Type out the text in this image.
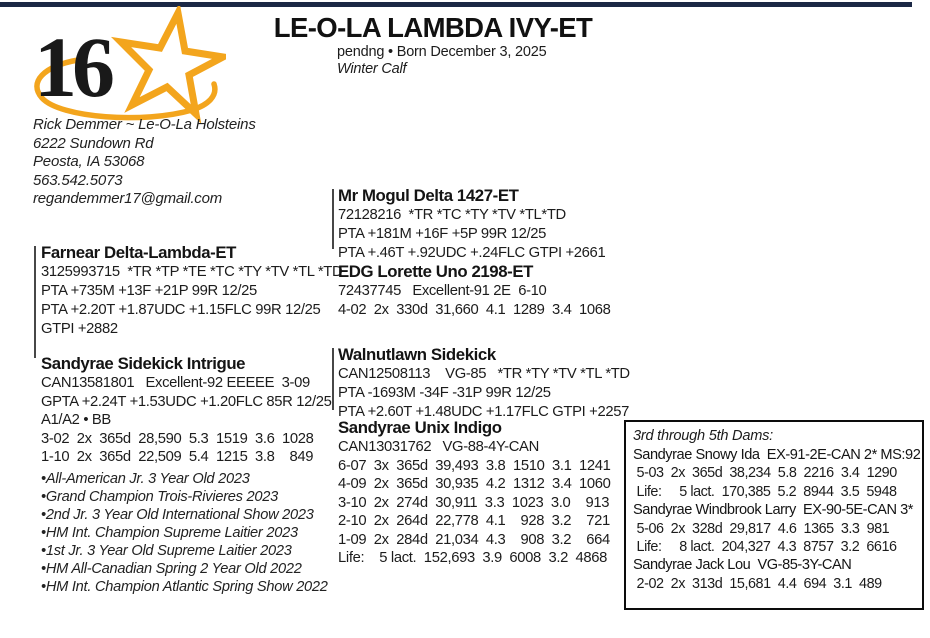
16	LE-O-LA LAMBDA IVY-ET
pendng • Born December 3, 2025
Winter Calf
Rick Demmer ~ Le-O-La Holsteins
6222 Sundown Rd
Peosta, IA 53068
563.542.5073
regandemmer17@gmail.com
Farnear Delta-Lambda-ET
3125993715  *TR *TP *TE *TC *TY *TV *TL *TD
PTA +735M +13F +21P 99R 12/25
PTA +2.20T +1.87UDC +1.15FLC 99R 12/25
GTPI +2882
Sandyrae Sidekick Intrigue
CAN13581801   Excellent-92 EEEEE  3-09
GPTA +2.24T +1.53UDC +1.20FLC 85R 12/25
A1/A2 • BB
3-02  2x  365d  28,590  5.3  1519  3.6  1028
1-10  2x  365d  22,509  5.4  1215  3.8    849
•All-American Jr. 3 Year Old 2023
•Grand Champion Trois-Rivieres 2023
•2nd Jr. 3 Year Old International Show 2023
•HM Int. Champion Supreme Laitier 2023
•1st Jr. 3 Year Old Supreme Laitier 2023
•HM All-Canadian Spring 2 Year Old 2022
•HM Int. Champion Atlantic Spring Show 2022
Mr Mogul Delta 1427-ET
72128216  *TR *TC *TY *TV *TL*TD
PTA +181M +16F +5P 99R 12/25
PTA +.46T +.92UDC +.24FLC GTPI +2661
EDG Lorette Uno 2198-ET
72437745   Excellent-91 2E  6-10
4-02  2x  330d  31,660  4.1  1289  3.4  1068
Walnutlawn Sidekick
CAN12508113    VG-85   *TR *TY *TV *TL *TD
PTA -1693M -34F -31P 99R 12/25
PTA +2.60T +1.48UDC +1.17FLC GTPI +2257
Sandyrae Unix Indigo
CAN13031762   VG-88-4Y-CAN
6-07  3x  365d  39,493  3.8  1510  3.1  1241
4-09  2x  365d  30,935  4.2  1312  3.4  1060
3-10  2x  274d  30,911  3.3  1023  3.0    913
2-10  2x  264d  22,778  4.1    928  3.2    721
1-09  2x  284d  21,034  4.3    908  3.2    664
Life:    5 lact.  152,693  3.9  6008  3.2  4868
3rd through 5th Dams:
Sandyrae Snowy Ida  EX-91-2E-CAN 2* MS:92
5-03  2x  365d  38,234  5.8  2216  3.4  1290
Life:     5 lact.  170,385  5.2  8944  3.5  5948
Sandyrae Windbrook Larry  EX-90-5E-CAN 3*
5-06  2x  328d  29,817  4.6  1365  3.3  981
Life:     8 lact.  204,327  4.3  8757  3.2  6616
Sandyrae Jack Lou  VG-85-3Y-CAN
2-02  2x  313d  15,681  4.4  694  3.1  489
